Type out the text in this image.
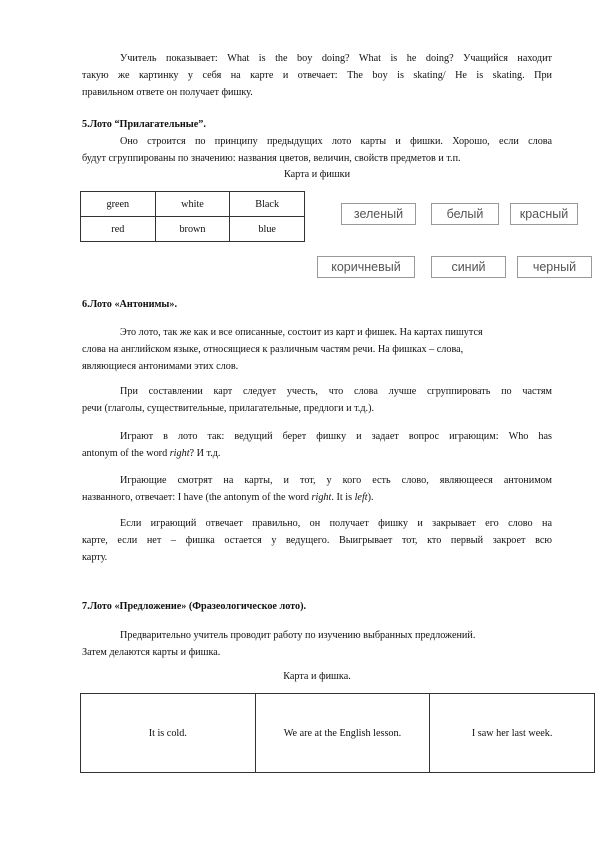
Учитель показывает: What is the boy doing? What is he doing? Учащийся находит
такую же картинку у себя на карте и отвечает: The boy is skating/ He is skating. При
правильном ответе он получает фишку.
5.Лото “Прилагательные”.
Оно строится по принципу предыдущих лото карты и фишки. Хорошо, если слова
будут сгруппированы по значению: названия цветов, величин, свойств предметов и т.п.
Карта и фишки
green	white	Black
red	brown	blue
зеленый	белый	красный
коричневый	синий	черный
6.Лото «Антонимы».
Это лото, так же как и все описанные, состоит из карт и фишек. На картах пишутся
слова на английском языке, относящиеся к различным частям речи. На фишках – слова,
являющиеся антонимами этих слов.
При составлении карт следует учесть, что слова лучше сгруппировать по частям
речи (глаголы, существительные, прилагательные, предлоги и т.д.).
Играют в лото так: ведущий берет фишку и задает вопрос играющим: Who has
antonym of the word right? И т.д.
Играющие смотрят на карты, и тот, у кого есть слово, являющееся антонимом
названного, отвечает: I have (the antonym of the word right. It is left).
Если играющий отвечает правильно, он получает фишку и закрывает его слово на
карте, если нет – фишка остается у ведущего. Выигрывает тот, кто первый закроет всю
карту.
7.Лото «Предложение» (Фразеологическое лото).
Предварительно учитель проводит работу по изучению выбранных предложений.
Затем делаются карты и фишка.
Карта и фишка.
It is cold.	We are at the English lesson.	I saw her last week.
